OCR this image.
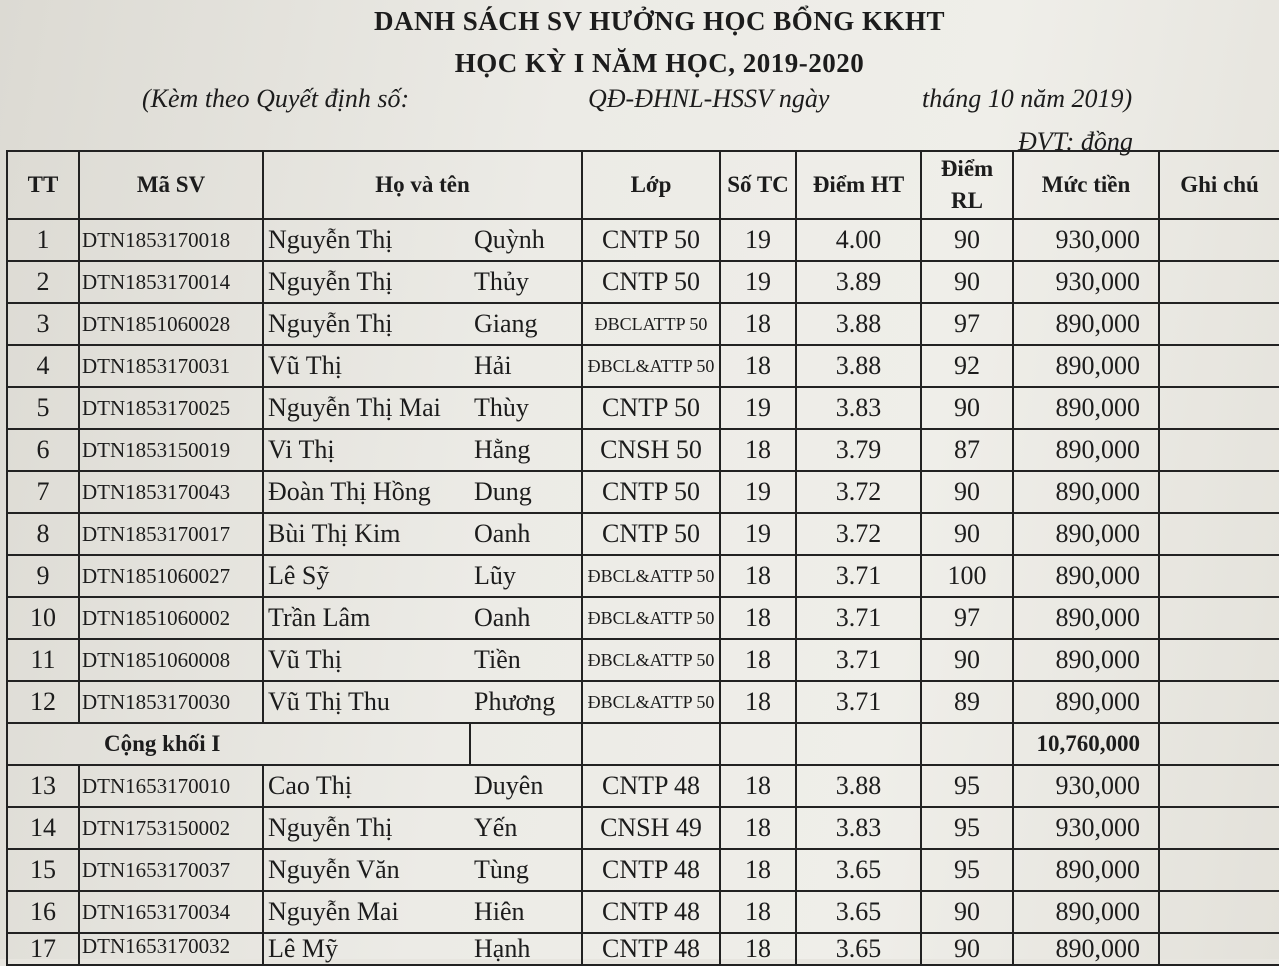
DANH SÁCH SV HƯỞNG HỌC BỔNG KKHT
HỌC KỲ I NĂM HỌC, 2019-2020
(Kèm theo Quyết định số:	QĐ-ĐHNL-HSSV ngày	tháng 10 năm 2019)
ĐVT: đồng
TT	Mã SV	Họ và tên		Lớp	Số TC	Điểm HT	Điểm RL	Mức tiền	Ghi chú
1	DTN1853170018	Nguyễn Thị	Quỳnh	CNTP 50	19	4.00	90	930,000	
2	DTN1853170014	Nguyễn Thị	Thủy	CNTP 50	19	3.89	90	930,000	
3	DTN1851060028	Nguyễn Thị	Giang	ĐBCLATTP 50	18	3.88	97	890,000	
4	DTN1853170031	Vũ Thị	Hải	ĐBCL&ATTP 50	18	3.88	92	890,000	
5	DTN1853170025	Nguyễn Thị Mai	Thùy	CNTP 50	19	3.83	90	890,000	
6	DTN1853150019	Vi Thị	Hằng	CNSH 50	18	3.79	87	890,000	
7	DTN1853170043	Đoàn Thị Hồng	Dung	CNTP 50	19	3.72	90	890,000	
8	DTN1853170017	Bùi Thị Kim	Oanh	CNTP 50	19	3.72	90	890,000	
9	DTN1851060027	Lê Sỹ	Lũy	ĐBCL&ATTP 50	18	3.71	100	890,000	
10	DTN1851060002	Trần Lâm	Oanh	ĐBCL&ATTP 50	18	3.71	97	890,000	
11	DTN1851060008	Vũ Thị	Tiền	ĐBCL&ATTP 50	18	3.71	90	890,000	
12	DTN1853170030	Vũ Thị Thu	Phương	ĐBCL&ATTP 50	18	3.71	89	890,000	
Cộng khối I								10,760,000	
13	DTN1653170010	Cao Thị	Duyên	CNTP 48	18	3.88	95	930,000	
14	DTN1753150002	Nguyễn Thị	Yến	CNSH 49	18	3.83	95	930,000	
15	DTN1653170037	Nguyễn Văn	Tùng	CNTP 48	18	3.65	95	890,000	
16	DTN1653170034	Nguyễn Mai	Hiên	CNTP 48	18	3.65	90	890,000	
17	DTN1653170032	Lê Mỹ	Hạnh	CNTP 48	18	3.65	90	890,000	
